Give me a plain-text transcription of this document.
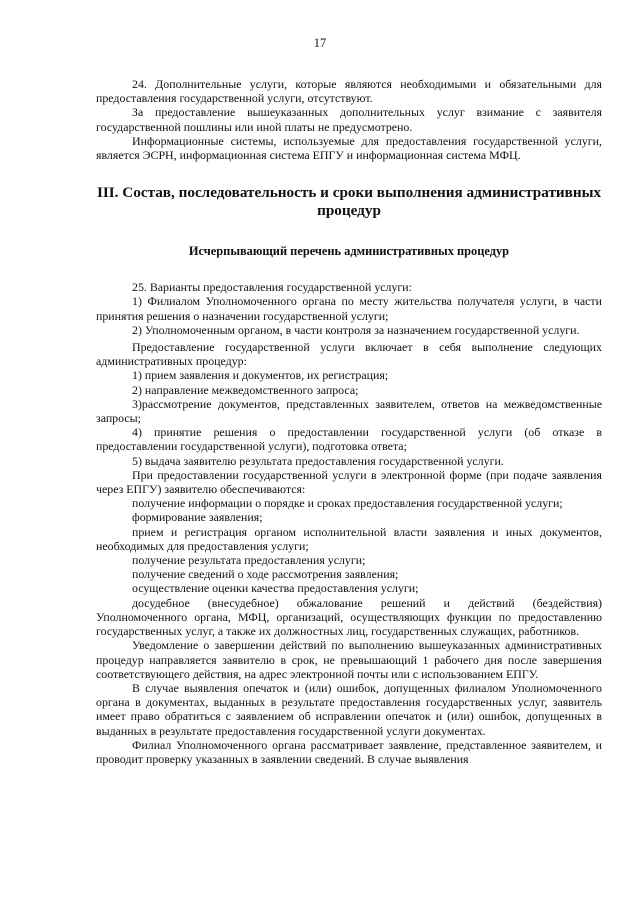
17

24. Дополнительные услуги, которые являются необходимыми и обязательными для предоставления государственной услуги, отсутствуют.

За предоставление вышеуказанных дополнительных услуг взимание с заявителя государственной пошлины или иной платы не предусмотрено.

Информационные системы, используемые для предоставления государственной услуги, является ЭСРН, информационная система ЕПГУ и информационная система МФЦ.

III. Состав, последовательность и сроки выполнения административных процедур
Исчерпывающий перечень административных процедур

25. Варианты предоставления государственной услуги:

1) Филиалом Уполномоченного органа по месту жительства получателя услуги, в части принятия решения о назначении государственной услуги;

2) Уполномоченным органом, в части контроля за назначением государственной услуги.

Предоставление государственной услуги включает в себя выполнение следующих административных процедур:

1) прием заявления и документов, их регистрация;

2) направление межведомственного запроса;

3)рассмотрение документов, представленных заявителем, ответов на межведомственные запросы;

4) принятие решения о предоставлении государственной услуги (об отказе в предоставлении государственной услуги), подготовка ответа;

5) выдача заявителю результата предоставления государственной услуги.

При предоставлении государственной услуги в электронной форме (при подаче заявления через ЕПГУ) заявителю обеспечиваются:

получение информации о порядке и сроках предоставления государственной услуги;

формирование заявления;

прием и регистрация органом исполнительной власти заявления и иных документов, необходимых для предоставления услуги;

получение результата предоставления услуги;

получение сведений о ходе рассмотрения заявления;

осуществление оценки качества предоставления услуги;

досудебное (внесудебное) обжалование решений и действий (бездействия) Уполномоченного органа, МФЦ, организаций, осуществляющих функции по предоставлению государственных услуг, а также их должностных лиц, государственных служащих, работников.

Уведомление о завершении действий по выполнению вышеуказанных административных процедур направляется заявителю в срок, не превышающий 1 рабочего дня после завершения соответствующего действия, на адрес электронной почты или с использованием ЕПГУ.

В случае выявления опечаток и (или) ошибок, допущенных филиалом Уполномоченного органа в документах, выданных в результате предоставления государственных услуг, заявитель имеет право обратиться с заявлением об исправлении опечаток и (или) ошибок, допущенных в выданных в результате предоставления государственной услуги документах.

Филиал Уполномоченного органа рассматривает заявление, представленное заявителем, и проводит проверку указанных в заявлении сведений. В случае выявления
